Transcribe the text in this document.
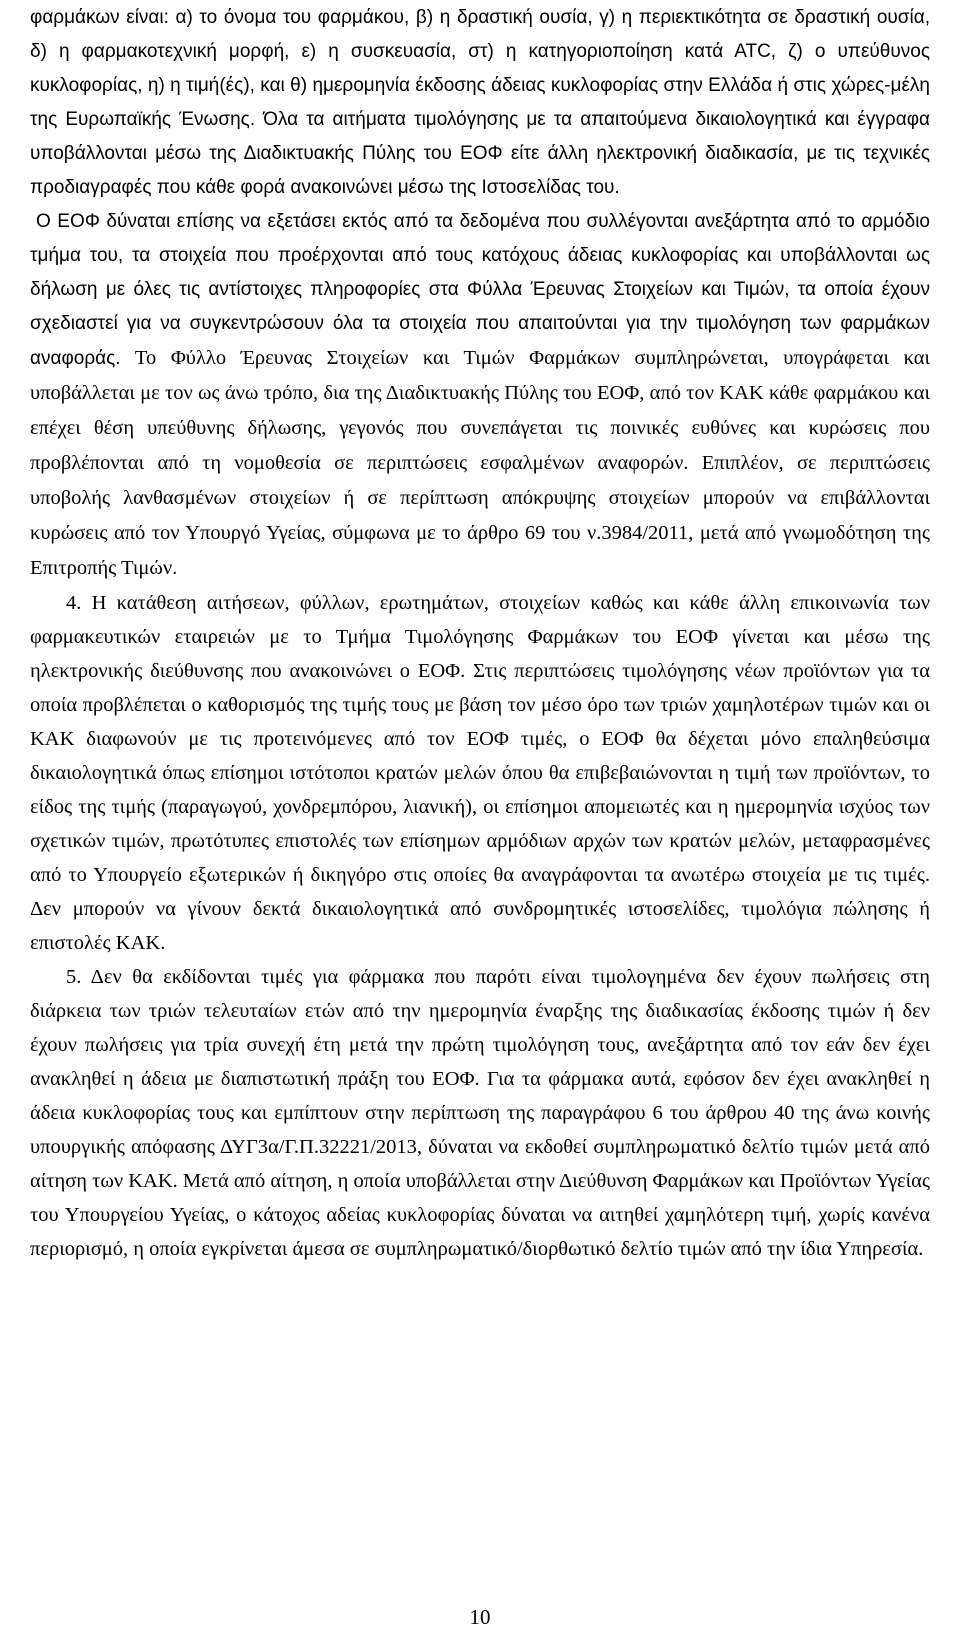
φαρμάκων είναι: α) το όνομα του φαρμάκου, β) η δραστική ουσία, γ) η περιεκτικότητα σε δραστική ουσία, δ) η φαρμακοτεχνική μορφή, ε) η συσκευασία, στ) η κατηγοριοποίηση κατά ΑΤC, ζ) ο υπεύθυνος κυκλοφορίας, η) η τιμή(ές), και θ) ημερομηνία έκδοσης άδειας κυκλοφορίας στην Ελλάδα ή στις χώρες-μέλη της Ευρωπαϊκής Ένωσης. Όλα τα αιτήματα τιμολόγησης με τα απαιτούμενα δικαιολογητικά και έγγραφα υποβάλλονται μέσω της Διαδικτυακής Πύλης του ΕΟΦ είτε άλλη ηλεκτρονική διαδικασία, με τις τεχνικές προδιαγραφές που κάθε φορά ανακοινώνει μέσω της Ιστοσελίδας του.

Ο ΕΟΦ δύναται επίσης να εξετάσει εκτός από τα δεδομένα που συλλέγονται ανεξάρτητα από το αρμόδιο τμήμα του, τα στοιχεία που προέρχονται από τους κατόχους άδειας κυκλοφορίας και υποβάλλονται ως δήλωση με όλες τις αντίστοιχες πληροφορίες στα Φύλλα Έρευνας Στοιχείων και Τιμών, τα οποία έχουν σχεδιαστεί για να συγκεντρώσουν όλα τα στοιχεία που απαιτούνται για την τιμολόγηση των φαρμάκων αναφοράς. Το Φύλλο Έρευνας Στοιχείων και Τιμών Φαρμάκων συμπληρώνεται, υπογράφεται και υποβάλλεται με τον ως άνω τρόπο, δια της Διαδικτυακής Πύλης του ΕΟΦ, από τον ΚΑΚ κάθε φαρμάκου και επέχει θέση υπεύθυνης δήλωσης, γεγονός που συνεπάγεται τις ποινικές ευθύνες και κυρώσεις που προβλέπονται από τη νομοθεσία σε περιπτώσεις εσφαλμένων αναφορών. Επιπλέον, σε περιπτώσεις υποβολής λανθασμένων στοιχείων ή σε περίπτωση απόκρυψης στοιχείων μπορούν να επιβάλλονται κυρώσεις από τον Υπουργό Υγείας, σύμφωνα με το άρθρο 69 του ν.3984/2011, μετά από γνωμοδότηση της Επιτροπής Τιμών.

4. Η κατάθεση αιτήσεων, φύλλων, ερωτημάτων, στοιχείων καθώς και κάθε άλλη επικοινωνία των φαρμακευτικών εταιρειών με το Τμήμα Τιμολόγησης Φαρμάκων του ΕΟΦ γίνεται και μέσω της ηλεκτρονικής διεύθυνσης που ανακοινώνει ο ΕΟΦ. Στις περιπτώσεις τιμολόγησης νέων προϊόντων για τα οποία προβλέπεται ο καθορισμός της τιμής τους με βάση τον μέσο όρο των τριών χαμηλοτέρων τιμών και οι ΚΑΚ διαφωνούν με τις προτεινόμενες από τον ΕΟΦ τιμές, ο ΕΟΦ θα δέχεται μόνο επαληθεύσιμα δικαιολογητικά όπως επίσημοι ιστότοποι κρατών μελών όπου θα επιβεβαιώνονται η τιμή των προϊόντων, το είδος της τιμής (παραγωγού, χονδρεμπόρου, λιανική), οι επίσημοι απομειωτές και η ημερομηνία ισχύος των σχετικών τιμών, πρωτότυπες επιστολές των επίσημων αρμόδιων αρχών των κρατών μελών, μεταφρασμένες από το Υπουργείο εξωτερικών ή δικηγόρο στις οποίες θα αναγράφονται τα ανωτέρω στοιχεία με τις τιμές. Δεν μπορούν να γίνουν δεκτά δικαιολογητικά από συνδρομητικές ιστοσελίδες, τιμολόγια πώλησης ή επιστολές ΚΑΚ.

5. Δεν θα εκδίδονται τιμές για φάρμακα που παρότι είναι τιμολογημένα δεν έχουν πωλήσεις στη διάρκεια των τριών τελευταίων ετών από την ημερομηνία έναρξης της διαδικασίας έκδοσης τιμών ή δεν έχουν πωλήσεις για τρία συνεχή έτη μετά την πρώτη τιμολόγηση τους, ανεξάρτητα από τον εάν δεν έχει ανακληθεί η άδεια με διαπιστωτική πράξη του ΕΟΦ. Για τα φάρμακα αυτά, εφόσον δεν έχει ανακληθεί η άδεια κυκλοφορίας τους και εμπίπτουν στην περίπτωση της παραγράφου 6 του άρθρου 40 της άνω κοινής υπουργικής απόφασης ΔΥΓ3α/Γ.Π.32221/2013, δύναται να εκδοθεί συμπληρωματικό δελτίο τιμών μετά από αίτηση των ΚΑΚ. Μετά από αίτηση, η οποία υποβάλλεται στην Διεύθυνση Φαρμάκων και Προϊόντων Υγείας του Υπουργείου Υγείας, ο κάτοχος αδείας κυκλοφορίας δύναται να αιτηθεί χαμηλότερη τιμή, χωρίς κανένα περιορισμό, η οποία εγκρίνεται άμεσα σε συμπληρωματικό/διορθωτικό δελτίο τιμών από την ίδια Υπηρεσία.

10
